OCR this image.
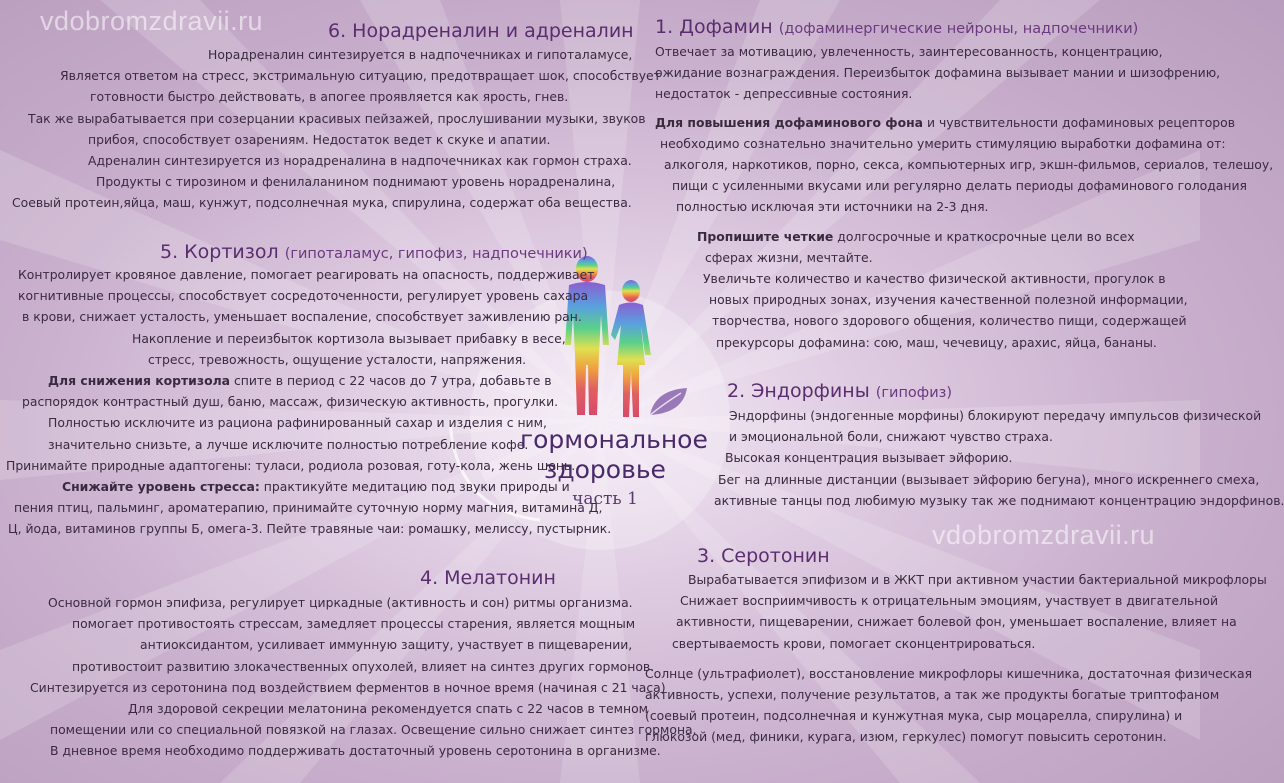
vdobromzdravii.ru
vdobromzdravii.ru
гормональное
здоровье
часть 1
6. Норадреналин и адреналин
Норадреналин синтезируется в надпочечниках и гипоталамусе,
Является ответом на стресс, экстримальную ситуацию, предотвращает шок, способствует
готовности быстро действовать, в апогее проявляется как ярость, гнев.
Так же вырабатывается при созерцании красивых пейзажей, прослушивании музыки, звуков
прибоя, способствует озарениям. Недостаток ведет к скуке и апатии.
Адреналин синтезируется из норадреналина в надпочечниках как гормон страха.
Продукты с тирозином и фенилаланином поднимают уровень норадреналина,
Соевый протеин,яйца, маш, кунжут, подсолнечная мука, спирулина, содержат оба вещества.
5. Кортизол (гипоталамус, гипофиз, надпочечники)
Контролирует кровяное давление, помогает реагировать на опасность, поддерживает
когнитивные процессы, способствует сосредоточенности, регулирует уровень сахара
в крови, снижает усталость, уменьшает воспаление, способствует заживлению ран.
Накопление и переизбыток кортизола вызывает прибавку в весе,
стресс, тревожность, ощущение усталости, напряжения.
Для снижения кортизола спите в период с 22 часов до 7 утра, добавьте в
распорядок контрастный душ, баню, массаж, физическую активность, прогулки.
Полностью исключите из рациона рафинированный сахар и изделия с ним,
значительно снизьте, а лучше исключите полностью потребление кофе.
Принимайте природные адаптогены: туласи, родиола розовая, готу-кола, жень шень.
Снижайте уровень стресса: практикуйте медитацию под звуки природы и
пения птиц, пальминг, ароматерапию, принимайте суточную норму магния, витамина Д,
Ц, йода, витаминов группы Б, омега-3. Пейте травяные чаи: ромашку, мелиссу, пустырник.
4. Мелатонин
Основной гормон эпифиза, регулирует циркадные (активность и сон) ритмы организма.
помогает противостоять стрессам, замедляет процессы старения, является мощным
антиоксидантом, усиливает иммунную защиту, участвует в пищеварении,
противостоит развитию злокачественных опухолей, влияет на синтез других гормонов.
Синтезируется из серотонина под воздействием ферментов в ночное время (начиная с 21 часа)
Для здоровой секреции мелатонина рекомендуется спать с 22 часов в темном
помещении или со специальной повязкой на глазах. Освещение сильно снижает синтез гормона.
В дневное время необходимо поддерживать достаточный уровень серотонина в организме.
1. Дофамин (дофаминергические нейроны, надпочечники)
Отвечает за мотивацию, увлеченность, заинтересованность, концентрацию,
ожидание вознаграждения. Переизбыток дофамина вызывает мании и шизофрению,
недостаток - депрессивные состояния.
Для повышения дофаминового фона и чувствительности дофаминовых рецепторов
необходимо сознательно значительно умерить стимуляцию выработки дофамина от:
алкоголя, наркотиков, порно, секса, компьютерных игр, экшн-фильмов, сериалов, телешоу,
пищи с усиленными вкусами или регулярно делать периоды дофаминового голодания
полностью исключая эти источники на 2-3 дня.
Пропишите четкие долгосрочные и краткосрочные цели во всех
сферах жизни, мечтайте.
Увеличьте количество и качество физической активности, прогулок в
новых природных зонах, изучения качественной полезной информации,
творчества, нового здорового общения, количество пищи, содержащей
прекурсоры дофамина: сою, маш, чечевицу, арахис, яйца, бананы.
2. Эндорфины (гипофиз)
Эндорфины (эндогенные морфины) блокируют передачу импульсов физической
и эмоциональной боли, снижают чувство страха.
Высокая концентрация вызывает эйфорию.
Бег на длинные дистанции (вызывает эйфорию бегуна), много искреннего смеха,
активные танцы под любимую музыку так же поднимают концентрацию эндорфинов.
3. Серотонин
Вырабатывается эпифизом и в ЖКТ при активном участии бактериальной микрофлоры
Снижает восприимчивость к отрицательным эмоциям, участвует в двигательной
активности, пищеварении, снижает болевой фон, уменьшает воспаление, влияет на
свертываемость крови, помогает сконцентрироваться.
Солнце (ультрафиолет), восстановление микрофлоры кишечника, достаточная физическая
активность, успехи, получение результатов, а так же продукты богатые триптофаном
(соевый протеин, подсолнечная и кунжутная мука, сыр моцарелла, спирулина) и
глюкозой (мед, финики, курага, изюм, геркулес) помогут повысить серотонин.
